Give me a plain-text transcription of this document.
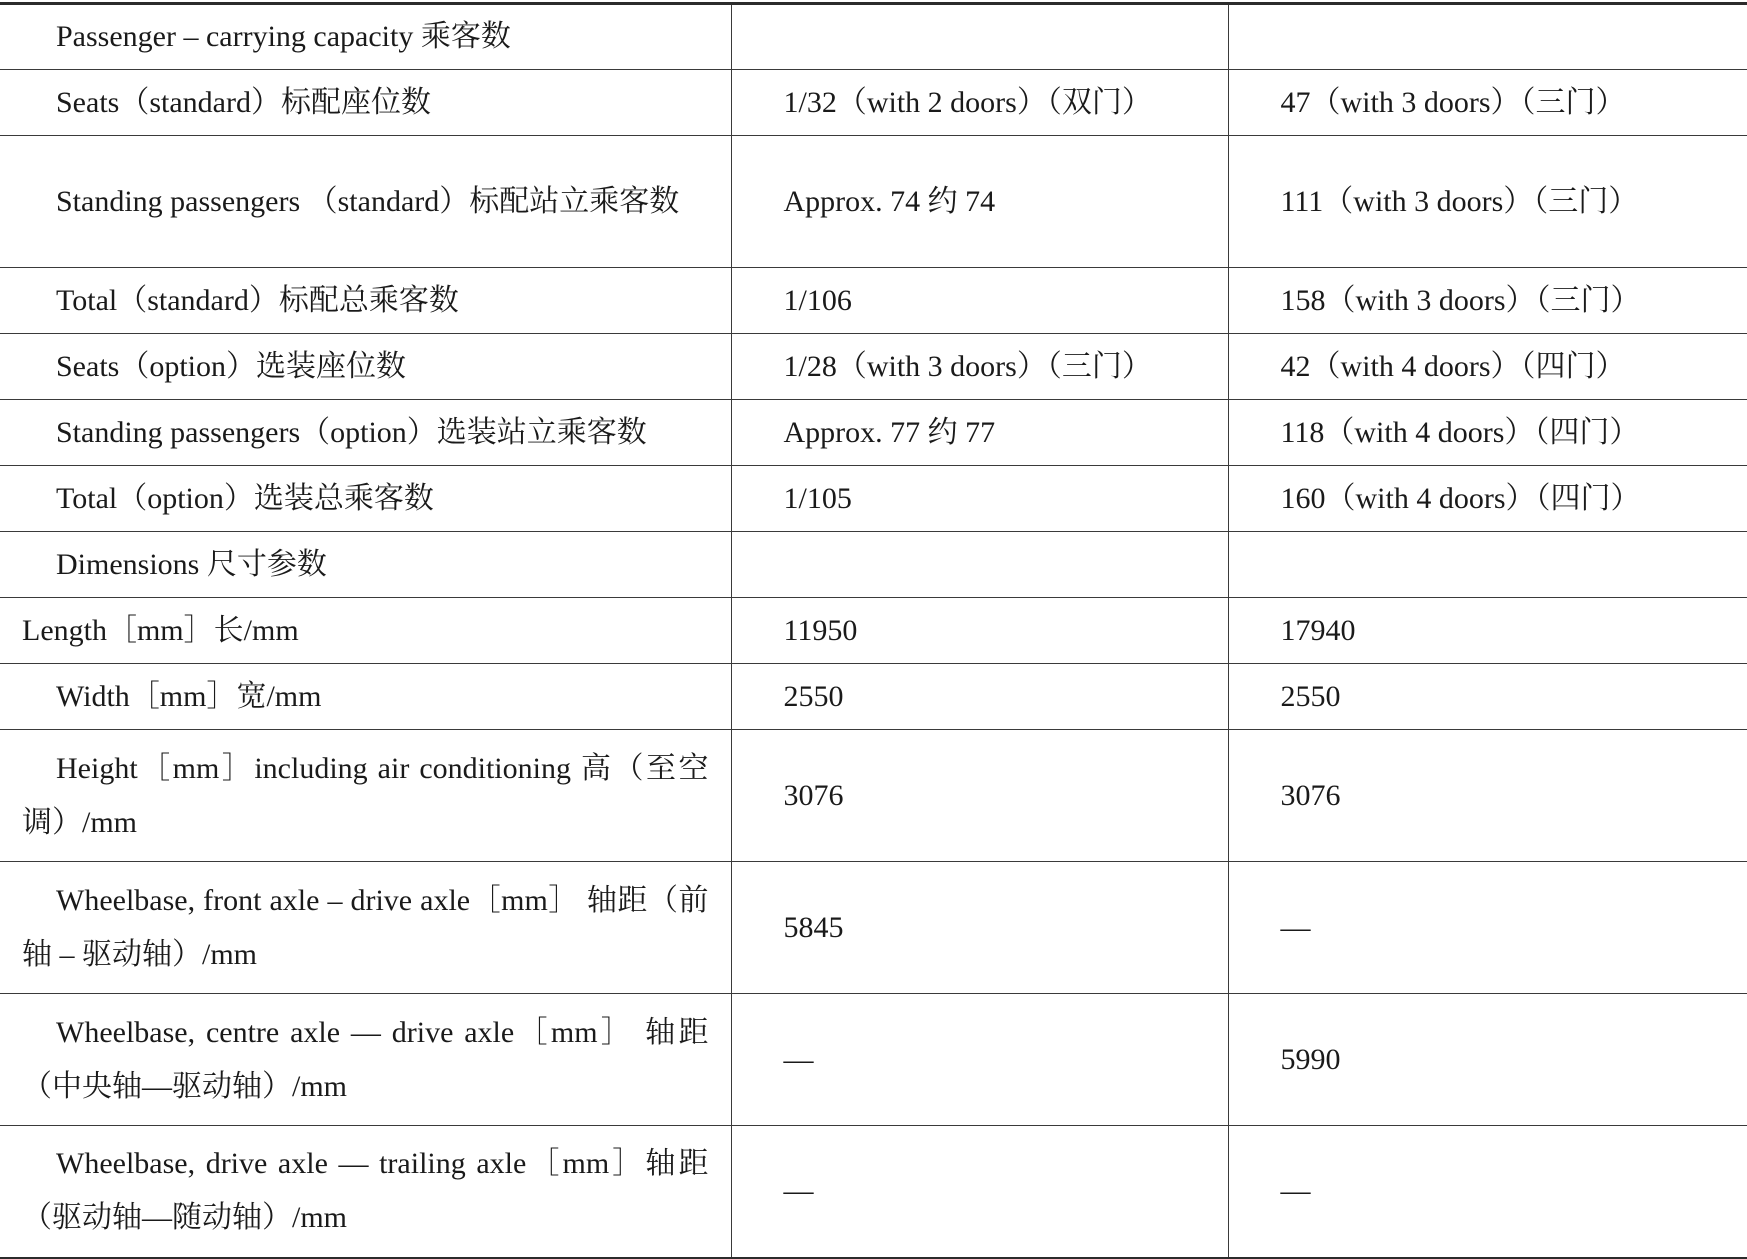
Passenger – carrying capacity 乘客数		
Seats（standard）标配座位数	1/32（with 2 doors）（双门）	47（with 3 doors）（三门）
Standing passengers （standard）标配站立乘客数	Approx. 74 约 74	111（with 3 doors）（三门）
Total（standard）标配总乘客数	1/106	158（with 3 doors）（三门）
Seats（option）选装座位数	1/28（with 3 doors）（三门）	42（with 4 doors）（四门）
Standing passengers（option）选装站立乘客数	Approx. 77 约 77	118（with 4 doors）（四门）
Total（option）选装总乘客数	1/105	160（with 4 doors）（四门）
Dimensions 尺寸参数		
Length［mm］长/mm	11950	17940
Width［mm］宽/mm	2550	2550
Height［mm］including air conditioning 高（至空调）/mm	3076	3076
Wheelbase, front axle – drive axle［mm］ 轴距（前轴 – 驱动轴）/mm	5845	—
Wheelbase, centre axle — drive axle［mm］ 轴距（中央轴—驱动轴）/mm	—	5990
Wheelbase, drive axle — trailing axle［mm］轴距（驱动轴—随动轴）/mm	—	—
